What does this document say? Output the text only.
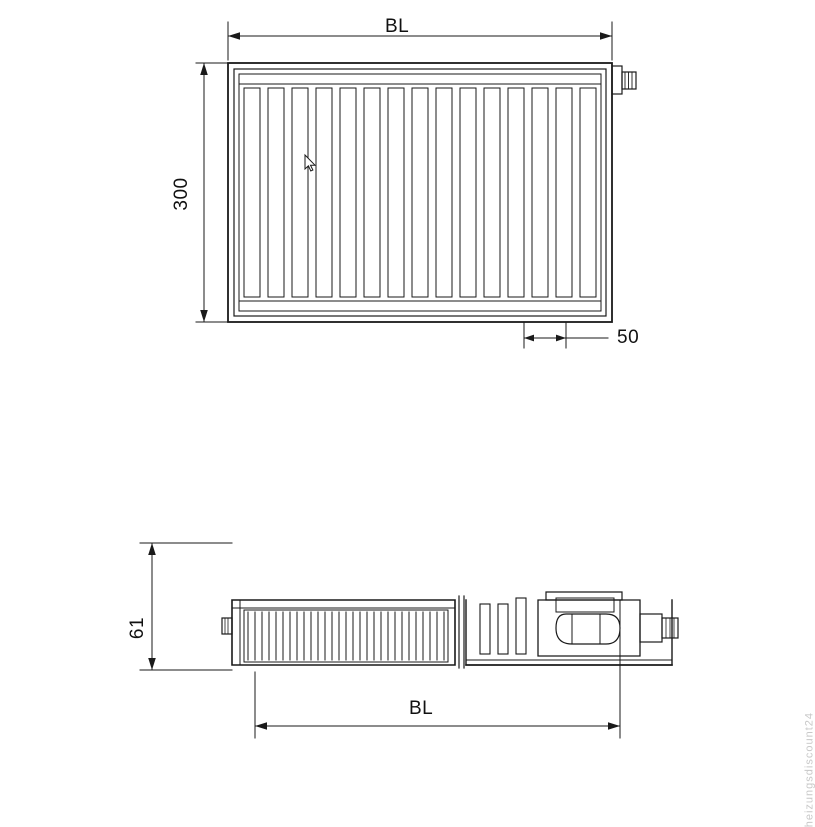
BL
300
50
61
BL
heizungsdiscount24
